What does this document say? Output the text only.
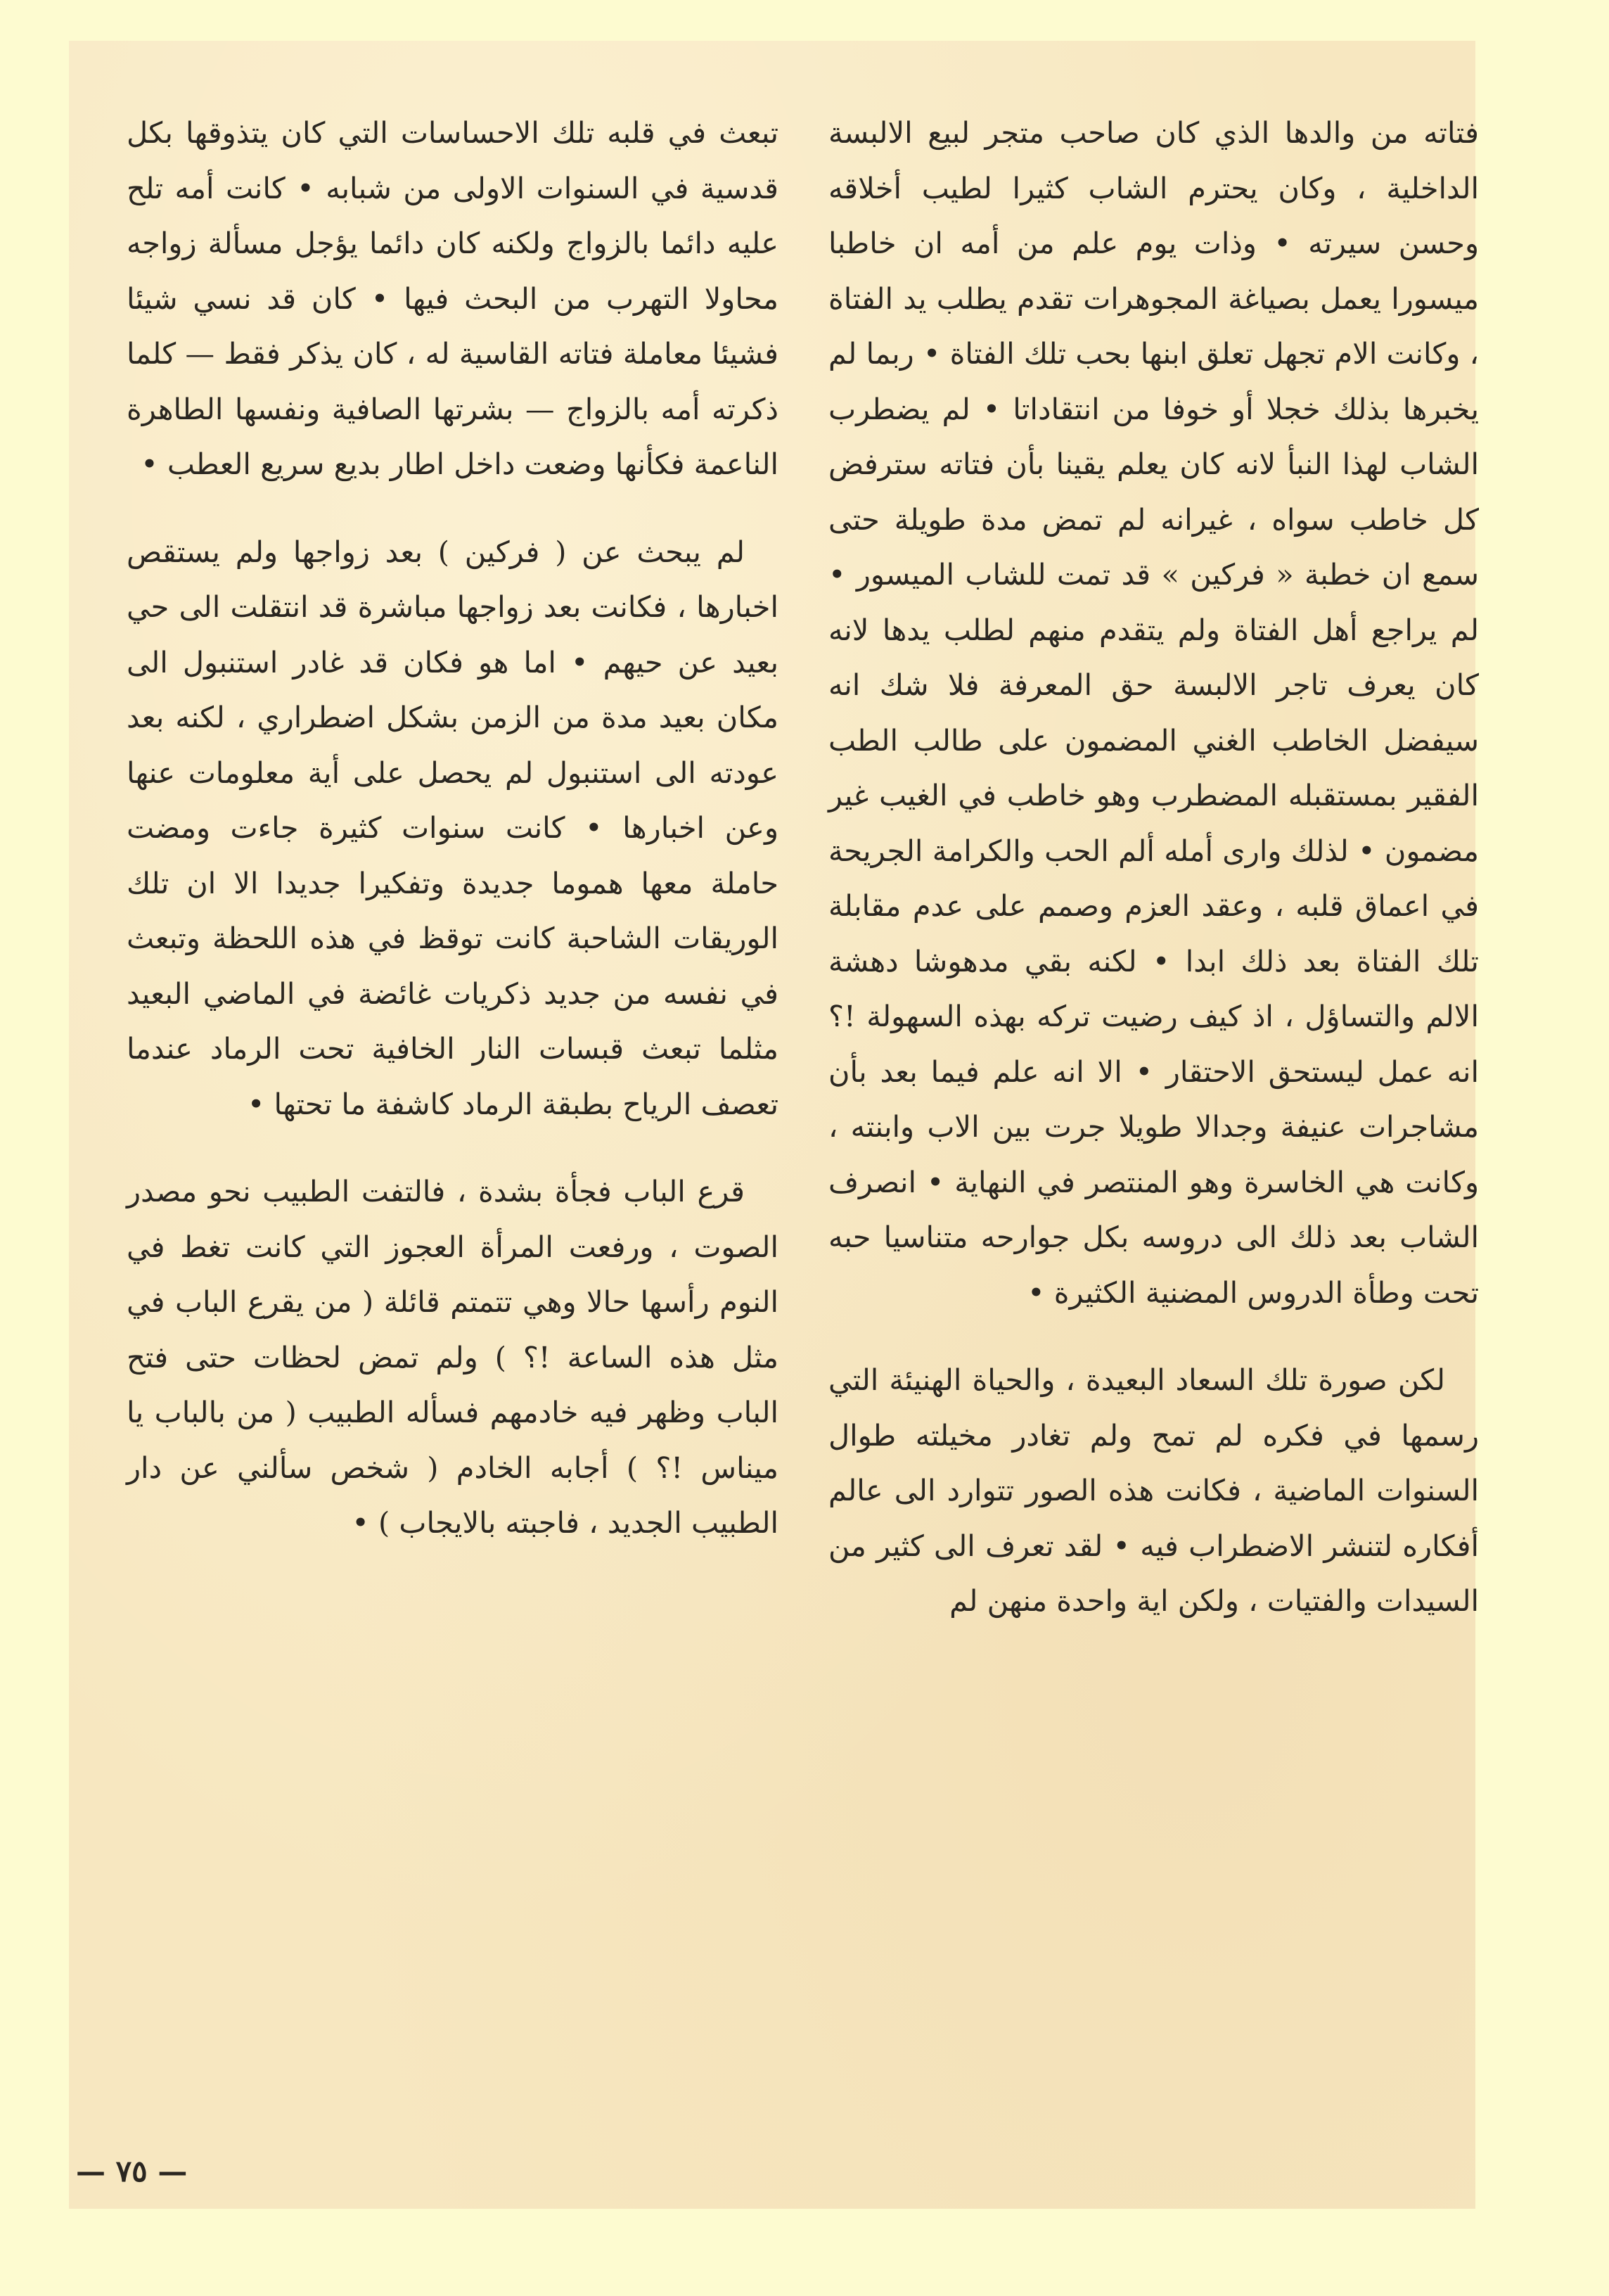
فتاته من والدها الذي كان صاحب متجر لبيع الالبسة الداخلية ، وكان يحترم الشاب كثيرا لطيب أخلاقه وحسن سيرته • وذات يوم علم من أمه ان خاطبا ميسورا يعمل بصياغة المجوهرات تقدم يطلب يد الفتاة ، وكانت الام تجهل تعلق ابنها بحب تلك الفتاة • ربما لم يخبرها بذلك خجلا أو خوفا من انتقاداتا • لم يضطرب الشاب لهذا النبأ لانه كان يعلم يقينا بأن فتاته سترفض كل خاطب سواه ، غيرانه لم تمض مدة طويلة حتى سمع ان خطبة « فركين » قد تمت للشاب الميسور • لم يراجع أهل الفتاة ولم يتقدم منهم لطلب يدها لانه كان يعرف تاجر الالبسة حق المعرفة فلا شك انه سيفضل الخاطب الغني المضمون على طالب الطب الفقير بمستقبله المضطرب وهو خاطب في الغيب غير مضمون • لذلك وارى أمله ألم الحب والكرامة الجريحة في اعماق قلبه ، وعقد العزم وصمم على عدم مقابلة تلك الفتاة بعد ذلك ابدا • لكنه بقي مدهوشا دهشة الالم والتساؤل ، اذ كيف رضيت تركه بهذه السهولة !؟ انه عمل ليستحق الاحتقار • الا انه علم فيما بعد بأن مشاجرات عنيفة وجدالا طويلا جرت بين الاب وابنته ، وكانت هي الخاسرة وهو المنتصر في النهاية • انصرف الشاب بعد ذلك الى دروسه بكل جوارحه متناسيا حبه تحت وطأة الدروس المضنية الكثيرة •

لكن صورة تلك السعاد البعيدة ، والحياة الهنيئة التي رسمها في فكره لم تمح ولم تغادر مخيلته طوال السنوات الماضية ، فكانت هذه الصور تتوارد الى عالم أفكاره لتنشر الاضطراب فيه • لقد تعرف الى كثير من السيدات والفتيات ، ولكن اية واحدة منهن لم

تبعث في قلبه تلك الاحساسات التي كان يتذوقها بكل قدسية في السنوات الاولى من شبابه • كانت أمه تلح عليه دائما بالزواج ولكنه كان دائما يؤجل مسألة زواجه محاولا التهرب من البحث فيها • كان قد نسي شيئا فشيئا معاملة فتاته القاسية له ، كان يذكر فقط — كلما ذكرته أمه بالزواج — بشرتها الصافية ونفسها الطاهرة الناعمة فكأنها وضعت داخل اطار بديع سريع العطب •

لم يبحث عن ( فركين ) بعد زواجها ولم يستقص اخبارها ، فكانت بعد زواجها مباشرة قد انتقلت الى حي بعيد عن حيهم • اما هو فكان قد غادر استنبول الى مكان بعيد مدة من الزمن بشكل اضطراري ، لكنه بعد عودته الى استنبول لم يحصل على أية معلومات عنها وعن اخبارها • كانت سنوات كثيرة جاءت ومضت حاملة معها هموما جديدة وتفكيرا جديدا الا ان تلك الوريقات الشاحبة كانت توقظ في هذه اللحظة وتبعث في نفسه من جديد ذكريات غائضة في الماضي البعيد مثلما تبعث قبسات النار الخافية تحت الرماد عندما تعصف الرياح بطبقة الرماد كاشفة ما تحتها •

قرع الباب فجأة بشدة ، فالتفت الطبيب نحو مصدر الصوت ، ورفعت المرأة العجوز التي كانت تغط في النوم رأسها حالا وهي تتمتم قائلة ( من يقرع الباب في مثل هذه الساعة !؟ ) ولم تمض لحظات حتى فتح الباب وظهر فيه خادمهم فسأله الطبيب ( من بالباب يا ميناس !؟ ) أجابه الخادم ( شخص سألني عن دار الطبيب الجديد ، فاجبته بالايجاب ) •

— ٧٥ —
